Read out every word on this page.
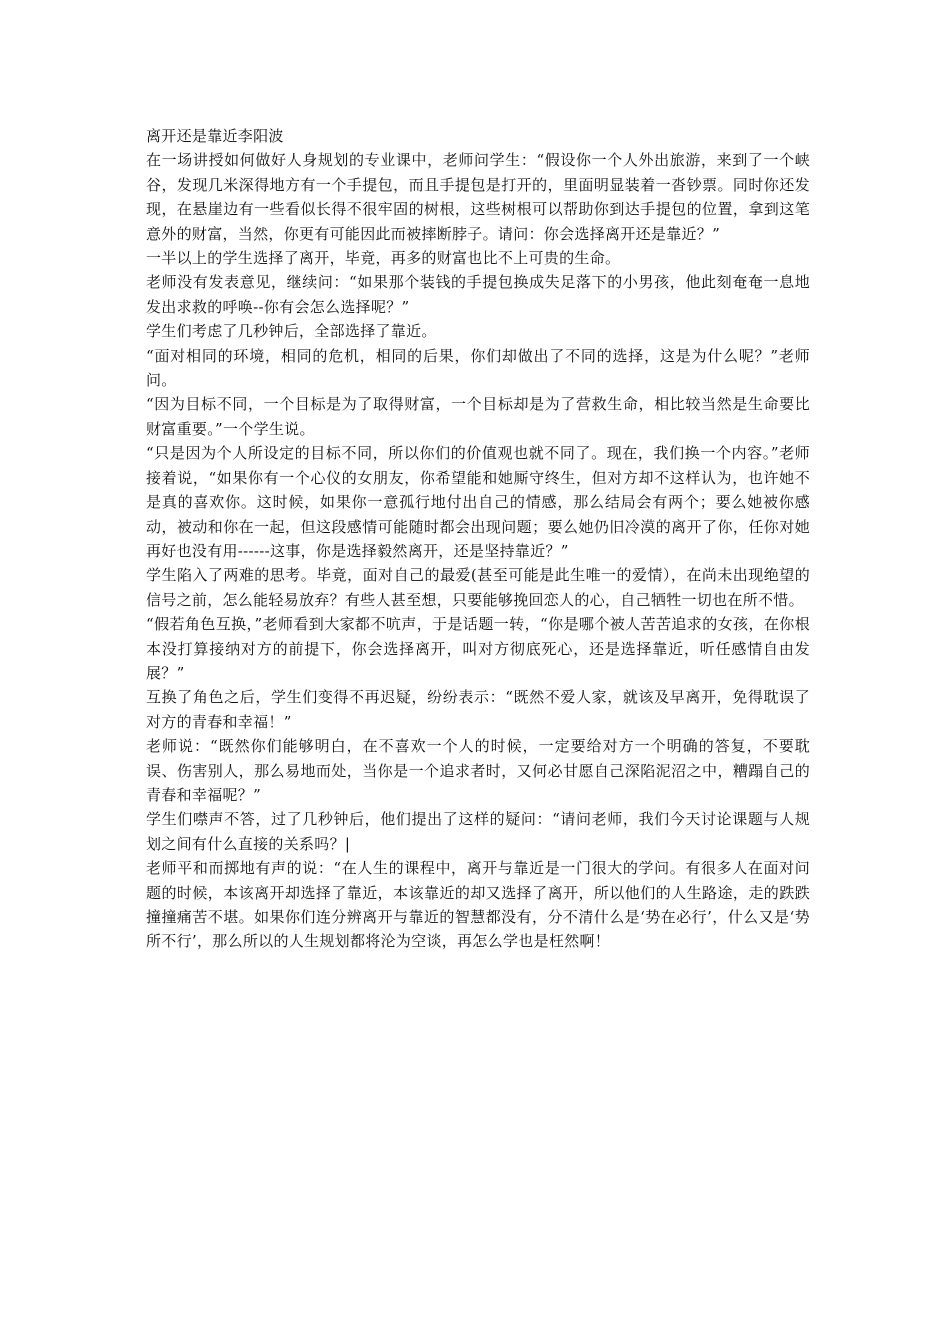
离开还是靠近李阳波

在一场讲授如何做好人身规划的专业课中，老师问学生：“假设你一个人外出旅游，来到了一个峡谷，发现几米深得地方有一个手提包，而且手提包是打开的，里面明显装着一沓钞票。同时你还发现，在悬崖边有一些看似长得不很牢固的树根，这些树根可以帮助你到达手提包的位置，拿到这笔意外的财富，当然，你更有可能因此而被摔断脖子。请问：你会选择离开还是靠近？”

一半以上的学生选择了离开，毕竟，再多的财富也比不上可贵的生命。

老师没有发表意见，继续问：“如果那个装钱的手提包换成失足落下的小男孩，他此刻奄奄一息地发出求救的呼唤--你有会怎么选择呢？”

学生们考虑了几秒钟后，全部选择了靠近。

“面对相同的环境，相同的危机，相同的后果，你们却做出了不同的选择，这是为什么呢？”老师问。

“因为目标不同，一个目标是为了取得财富，一个目标却是为了营救生命，相比较当然是生命要比财富重要。”一个学生说。

“只是因为个人所设定的目标不同，所以你们的价值观也就不同了。现在，我们换一个内容。”老师接着说，“如果你有一个心仪的女朋友，你希望能和她厮守终生，但对方却不这样认为，也许她不是真的喜欢你。这时候，如果你一意孤行地付出自己的情感，那么结局会有两个；要么她被你感动，被动和你在一起，但这段感情可能随时都会出现问题；要么她仍旧冷漠的离开了你，任你对她再好也没有用------这事，你是选择毅然离开，还是坚持靠近？”

学生陷入了两难的思考。毕竟，面对自己的最爱(甚至可能是此生唯一的爱情），在尚未出现绝望的信号之前，怎么能轻易放弃？有些人甚至想，只要能够挽回恋人的心，自己牺牲一切也在所不惜。

“假若角色互换，”老师看到大家都不吭声，于是话题一转，“你是哪个被人苦苦追求的女孩，在你根本没打算接纳对方的前提下，你会选择离开，叫对方彻底死心，还是选择靠近，听任感情自由发展？”

互换了角色之后，学生们变得不再迟疑，纷纷表示：“既然不爱人家，就该及早离开，免得耽误了对方的青春和幸福！”

老师说：“既然你们能够明白，在不喜欢一个人的时候，一定要给对方一个明确的答复，不要耽误、伤害别人，那么易地而处，当你是一个追求者时，又何必甘愿自己深陷泥沼之中，糟蹋自己的青春和幸福呢？”

学生们噤声不答，过了几秒钟后，他们提出了这样的疑问：“请问老师，我们今天讨论课题与人规划之间有什么直接的关系吗？|

老师平和而掷地有声的说：“在人生的课程中，离开与靠近是一门很大的学问。有很多人在面对问题的时候，本该离开却选择了靠近，本该靠近的却又选择了离开，所以他们的人生路途，走的跌跌撞撞痛苦不堪。如果你们连分辨离开与靠近的智慧都没有，分不清什么是‘势在必行’，什么又是‘势所不行’，那么所以的人生规划都将沦为空谈，再怎么学也是枉然啊！
